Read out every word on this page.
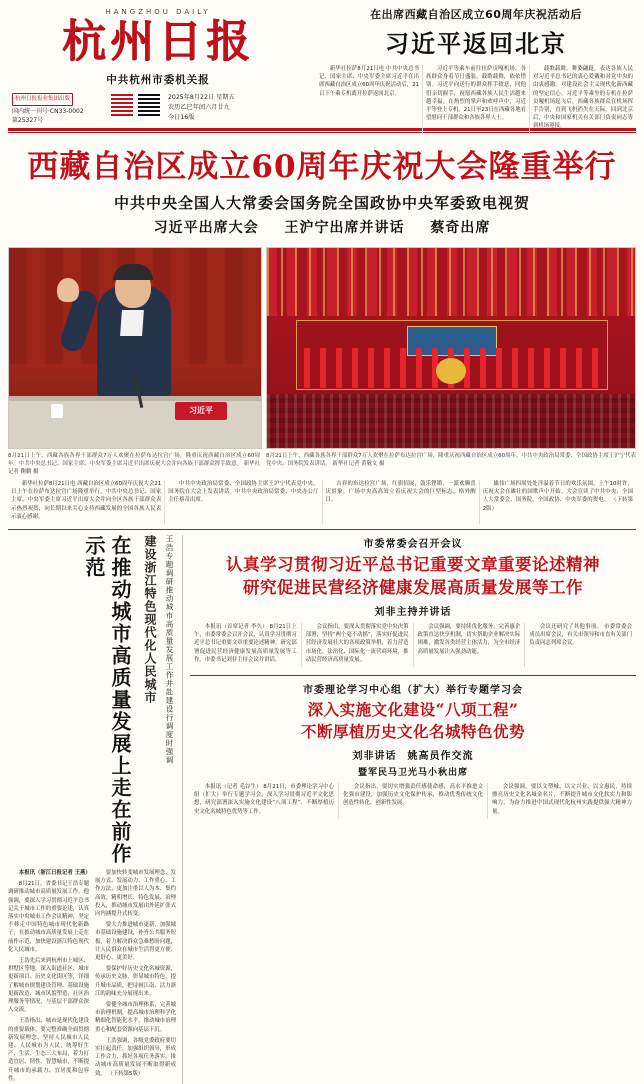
HANGZHOU DAILY
杭州日报
中共杭州市委机关报
杭州日报报业集团出版
国内统一刊号·CN33-0002
第25327号
2025年8月22日 星期五
农历乙巳年闰六月廿九
今日16版
在出席西藏自治区成立60周年庆祝活动后
习近平返回北京

新华社拉萨8月21日电 中共中央总书记、国家主席、中央军委主席习近平在出席西藏自治区成立60周年庆祝活动后，21日下午乘专机离开拉萨返回北京。

习近平等乘车前往拉萨贡嘎机场，各族群众身着节日盛装，载歌载舞，依依惜别。习近平向送行的群众挥手致意，同他们亲切握手，祝愿西藏各族人民生活越来越幸福。在热烈的掌声和欢呼声中，习近平等登上专机。21日至23日在西藏各地看望慰问干部群众和各族各界人士。

载歌载舞，舞姿翩跹，表达各族人民对习近平总书记的衷心爱戴和对党中央的由衷感激。对建设社会主义现代化新西藏的坚定信心。习近平等乘坐的专机在拉萨贡嘎机场起飞后，西藏各族群众在机场挥手告别，直到飞机消失在天际。回到北京后，中央和国家机关有关部门负责同志等到机场迎接。

西藏自治区成立60周年庆祝大会隆重举行
中共中央全国人大常委会国务院全国政协中央军委致电视贺
习近平出席大会 王沪宁出席并讲话 蔡奇出席
习近平
8月21日上午，西藏各族各界干部群众7万人欢聚在拉萨布达拉宫广场，隆重庆祝西藏自治区成立60周年。中共中央总书记、国家主席、中央军委主席习近平出席庆祝大会并向各族干部群众挥手致意。 新华社记者 鞠鹏 摄
8月21日上午，西藏各族各界干部群众7万人欢聚在拉萨布达拉宫广场，隆重庆祝西藏自治区成立60周年。中共中央政治局常委、全国政协主席王沪宁代表党中央、国务院发表讲话。 新华社记者 黄敬文 摄

新华社拉萨8月21日电 西藏自治区成立60周年庆祝大会21日上午在拉萨布达拉宫广场隆重举行。中共中央总书记、国家主席、中央军委主席习近平出席大会并向全区各族干部群众表示热烈祝贺，向长期以来关心支持西藏发展的全国各族人民表示衷心感谢。

中共中央政治局常委、全国政协主席王沪宁代表党中央、国务院在大会上发表讲话。中共中央政治局常委、中央办公厅主任蔡奇出席。

吉祥的布达拉宫广场，红旗招展，鼓乐铿锵，一派欢腾喜庆景象。广场中央高高耸立着庆祝大会的巨型标志，格外醒目。

雄伟广场四周处处洋溢着节日的欢乐氛围。上午10时许，庆祝大会在雄壮的国歌声中开始。大会宣读了中共中央、全国人大常委会、国务院、全国政协、中央军委的贺电。 （下转第2版）

在推动城市高质量发展上走在前作示范	建设浙江特色现代化人民城市	王浩专题调研推动城市高质量发展工作并赴建设行调度时强调

本报讯（浙江日报记者 王燕）

8月21日，省委书记王浩专题调研推动城市高质量发展工作。他强调，要深入学习贯彻习近平总书记关于城市工作的重要论述，认真落实中央城市工作会议精神，坚定不移走中国特色城市现代化新路子，在推动城市高质量发展上走在前作示范，加快建设浙江特色现代化人民城市。

王浩先后来到杭州市上城区、拱墅区等地，深入街道社区、城市更新项目、历史文化街区等，详细了解城市规划建设管理、基础设施更新改造、城市风貌塑造、社区治理服务等情况，与基层干部群众深入交流。

王浩指出，城市是现代化建设的重要载体。要完整准确全面贯彻新发展理念，坚持人民城市人民建、人民城市为人民，统筹好生产、生活、生态三大布局，着力打造宜居、韧性、智慧城市，不断提升城市的承载力、宜居度和包容性。

要加快转变城市发展理念、发展方式、发展动力、工作重心、工作方法，更加注重以人为本、集约高效、精明增长、特色发展、治理投入，推动城市发展由外延扩张式向内涵提升式转变。

要大力推进城市更新，加强城市基础设施建设，补齐公共服务短板，着力解决群众急难愁盼问题，让人民群众在城市生活得更方便、更舒心、更美好。

要保护好历史文化名城资源，传承历史文脉，彰显城市特色，提升城市品质，把诗画江南、活力浙江的韵味充分展现出来。

要健全城市治理体系，完善城市治理机制，提高城市治理科学化精细化智能化水平，推动城市治理重心和配套资源向基层下沉。

王浩强调，各级党委政府要切实扛起责任，加强组织领导，形成工作合力，抓好各项任务落实，推动城市高质量发展不断取得新成效。 （下转第5版）

市委常委会召开会议
认真学习贯彻习近平总书记重要文章重要论述精神
研究促进民营经济健康发展高质量发展等工作
刘非主持并讲话

本报讯（首席记者 李久） 8月21日上午，市委常委会召开会议，认真学习贯彻习近平总书记重要文章重要论述精神，研究部署促进民营经济健康发展高质量发展等工作。市委书记刘非主持会议并讲话。

会议指出，要深入贯彻落实党中央决策部署，坚持“两个毫不动摇”，落实好促进民营经济发展壮大的各项政策举措，着力营造市场化、法治化、国际化一流营商环境，推动民营经济高质量发展。

会议强调，要持续优化服务，完善惠企政策直达快享机制，切实帮助企业解决实际困难，激发各类经营主体活力，为全市经济高质量发展注入强劲动能。

会议还研究了其他事项。 市委常委会成员出席会议，有关市领导和市直有关部门负责同志列席会议。

市委理论学习中心组（扩大）举行专题学习会
深入实施文化建设“八项工程”
不断厚植历史文化名城特色优势
刘非讲话　姚高员作交流
暨军民马卫光马小秋出席

本报讯（记者 毛谷生） 8月21日，市委理论学习中心组（扩大）举行专题学习会，深入学习贯彻习近平文化思想，研究部署深入实施文化建设“八项工程”、不断厚植历史文化名城特色优势等工作。

会议指出，要切实增强责任感使命感，高水平推进文化强市建设，加强历史文化保护传承，推动优秀传统文化创造性转化、创新性发展。

会议强调，要以文塑城、以文兴业、以文惠民，持续擦亮历史文化名城金名片，不断提升城市文化软实力和影响力，为奋力推进中国式现代化杭州实践提供强大精神力量。
